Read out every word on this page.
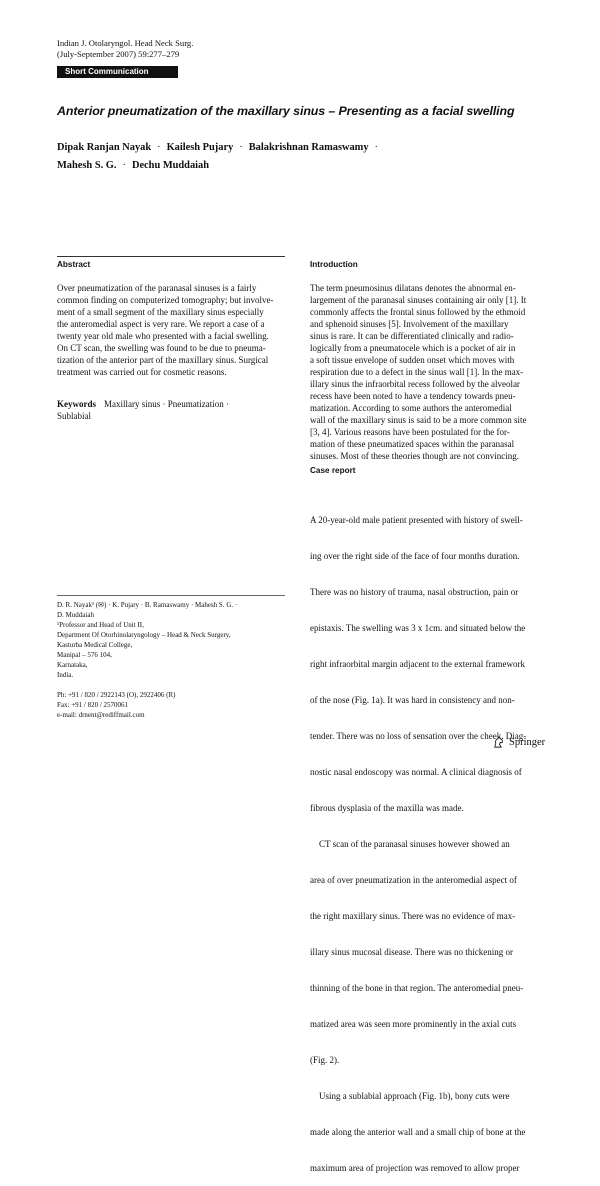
Indian J. Otolaryngol. Head Neck Surg.
(July-September 2007) 59:277–279
Short Communication
Anterior pneumatization of the maxillary sinus – Presenting as a facial swelling
Dipak Ranjan Nayak · Kailesh Pujary · Balakrishnan Ramaswamy ·
Mahesh S. G. · Dechu Muddaiah
Abstract
Over pneumatization of the paranasal sinuses is a fairly
common finding on computerized tomography; but involve-
ment of a small segment of the maxillary sinus especially
the anteromedial aspect is very rare. We report a case of a
twenty year old male who presented with a facial swelling.
On CT scan, the swelling was found to be due to pneuma-
tization of the anterior part of the maxillary sinus. Surgical
treatment was carried out for cosmetic reasons.
Keywords Maxillary sinus · Pneumatization ·
Sublabial
D. R. Nayak¹ (✉) · K. Pujary · B. Ramaswamy · Mahesh S. G. ·
D. Muddaiah
¹Professor and Head of Unit II,
Department Of Otorhinolaryngology – Head & Neck Surgery,
Kasturba Medical College,
Manipal – 576 104,
Karnataka,
India.
Ph: +91 / 820 / 2922143 (O), 2922406 (R)
Fax: +91 / 820 / 2570061
e-mail: drnent@rediffmail.com
Introduction
The term pneumosinus dilatans denotes the abnormal en-
largement of the paranasal sinuses containing air only [1]. It
commonly affects the frontal sinus followed by the ethmoid
and sphenoid sinuses [5]. Involvement of the maxillary
sinus is rare. It can be differentiated clinically and radio-
logically from a pneumatocele which is a pocket of air in
a soft tissue envelope of sudden onset which moves with
respiration due to a defect in the sinus wall [1]. In the max-
illary sinus the infraorbital recess followed by the alveolar
recess have been noted to have a tendency towards pneu-
matization. According to some authors the anteromedial
wall of the maxillary sinus is said to be a more common site
[3, 4]. Various reasons have been postulated for the for-
mation of these pneumatized spaces within the paranasal
sinuses. Most of these theories though are not convincing.
Case report

A 20-year-old male patient presented with history of swell-

ing over the right side of the face of four months duration.

There was no history of trauma, nasal obstruction, pain or

epistaxis. The swelling was 3 x 1cm. and situated below the

right infraorbital margin adjacent to the external framework

of the nose (Fig. 1a). It was hard in consistency and non-

tender. There was no loss of sensation over the cheek. Diag-

nostic nasal endoscopy was normal. A clinical diagnosis of

fibrous dysplasia of the maxilla was made.

CT scan of the paranasal sinuses however showed an

area of over pneumatization in the anteromedial aspect of

the right maxillary sinus. There was no evidence of max-

illary sinus mucosal disease. There was no thickening or

thinning of the bone in that region. The anteromedial pneu-

matized area was seen more prominently in the axial cuts

(Fig. 2).

Using a sublabial approach (Fig. 1b), bony cuts were

made along the anterior wall and a small chip of bone at the

maximum area of projection was removed to allow proper

Springer
